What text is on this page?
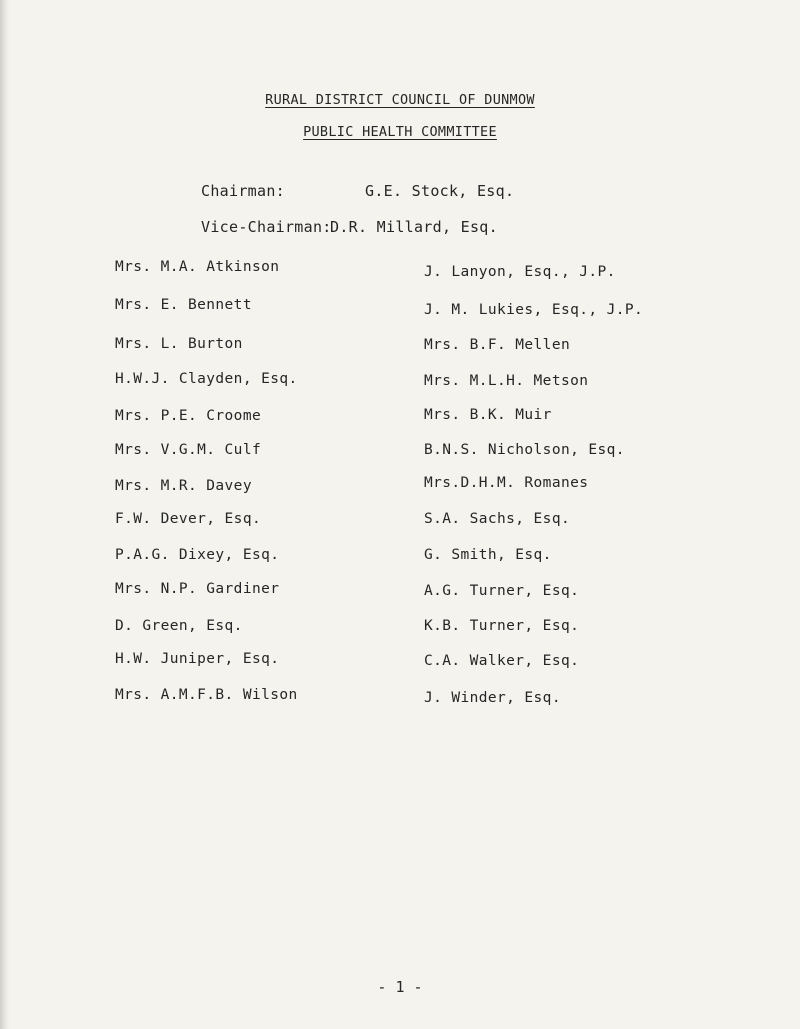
RURAL DISTRICT COUNCIL OF DUNMOW
PUBLIC HEALTH COMMITTEE
Chairman:	G.E. Stock, Esq.
Vice-Chairman:
D.R. Millard, Esq.
Mrs. M.A. Atkinson
Mrs. E. Bennett
Mrs. L. Burton
H.W.J. Clayden, Esq.
Mrs. P.E. Croome
Mrs. V.G.M. Culf
Mrs. M.R. Davey
F.W. Dever, Esq.
P.A.G. Dixey, Esq.
Mrs. N.P. Gardiner
D. Green, Esq.
H.W. Juniper, Esq.
Mrs. A.M.F.B. Wilson
J. Lanyon, Esq., J.P.
J. M. Lukies, Esq., J.P.
Mrs. B.F. Mellen
Mrs. M.L.H. Metson
Mrs. B.K. Muir
B.N.S. Nicholson, Esq.
Mrs.D.H.M. Romanes
S.A. Sachs, Esq.
G. Smith, Esq.
A.G. Turner, Esq.
K.B. Turner, Esq.
C.A. Walker, Esq.
J. Winder, Esq.
- 1 -
